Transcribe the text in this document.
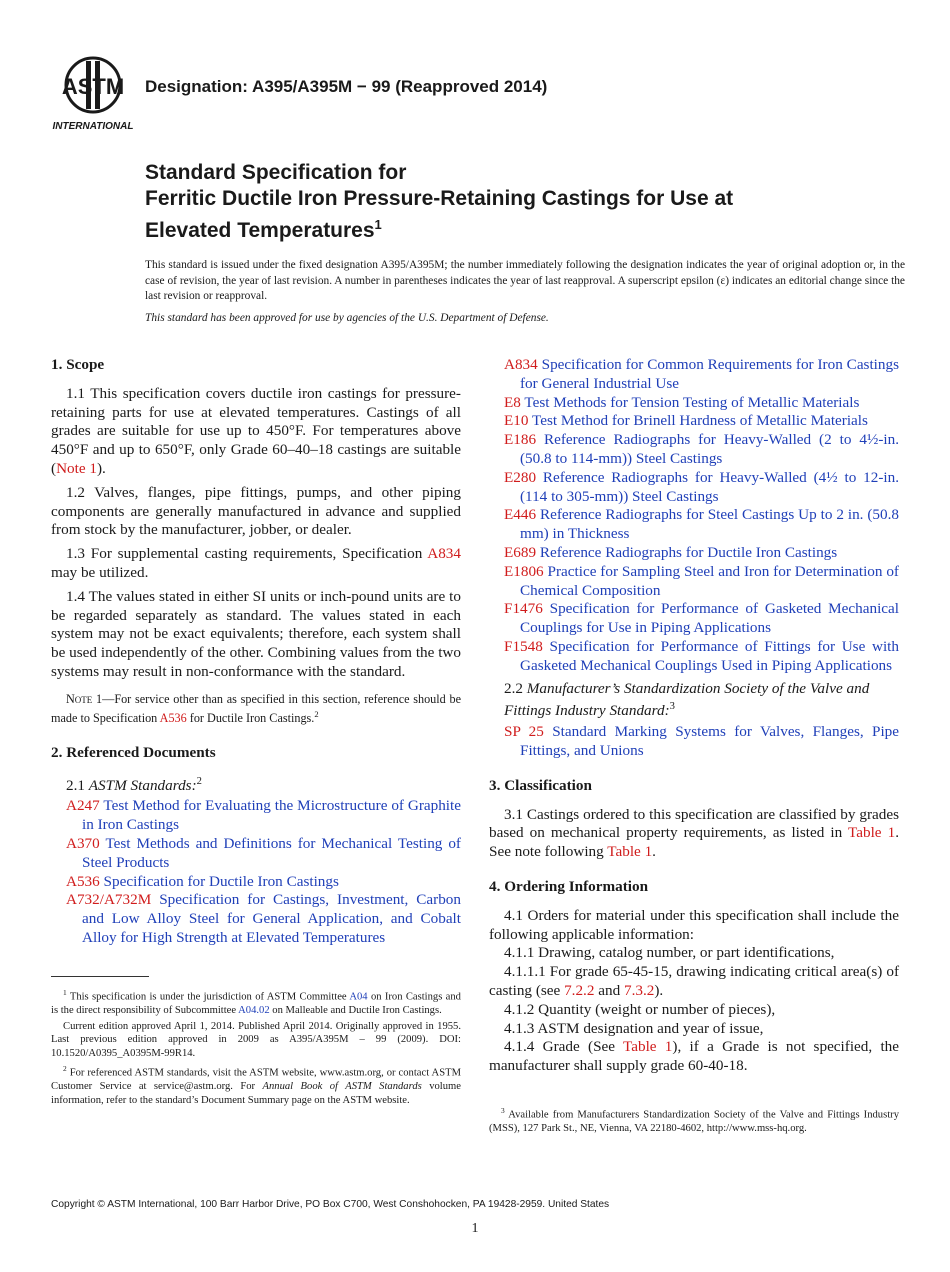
ASTM
INTERNATIONAL
Designation: A395/A395M − 99 (Reapproved 2014)
Standard Specification for
Ferritic Ductile Iron Pressure-Retaining Castings for Use at
Elevated Temperatures$^1$
This standard is issued under the fixed designation A395/A395M; the number immediately following the designation indicates the year of original adoption or, in the case of revision, the year of last revision. A number in parentheses indicates the year of last reapproval. A superscript epsilon (ε) indicates an editorial change since the last revision or reapproval.
This standard has been approved for use by agencies of the U.S. Department of Defense.
1. Scope

1.1 This specification covers ductile iron castings for pressure-retaining parts for use at elevated temperatures. Castings of all grades are suitable for use up to 450°F. For temperatures above 450°F and up to 650°F, only Grade 60–40–18 castings are suitable (Note 1).

1.2 Valves, flanges, pipe fittings, pumps, and other piping components are generally manufactured in advance and supplied from stock by the manufacturer, jobber, or dealer.

1.3 For supplemental casting requirements, Specification A834 may be utilized.

1.4 The values stated in either SI units or inch-pound units are to be regarded separately as standard. The values stated in each system may not be exact equivalents; therefore, each system shall be used independently of the other. Combining values from the two systems may result in non-conformance with the standard.

Note 1—For service other than as specified in this section, reference should be made to Specification A536 for Ductile Iron Castings.$^2$

2. Referenced Documents

2.1 ASTM Standards:$^2$

A247 Test Method for Evaluating the Microstructure of Graphite in Iron Castings

A370 Test Methods and Definitions for Mechanical Testing of Steel Products

A536 Specification for Ductile Iron Castings

A732/A732M Specification for Castings, Investment, Carbon and Low Alloy Steel for General Application, and Cobalt Alloy for High Strength at Elevated Temperatures

A834 Specification for Common Requirements for Iron Castings for General Industrial Use

E8 Test Methods for Tension Testing of Metallic Materials

E10 Test Method for Brinell Hardness of Metallic Materials

E186 Reference Radiographs for Heavy-Walled (2 to 4½-in. (50.8 to 114-mm)) Steel Castings

E280 Reference Radiographs for Heavy-Walled (4½ to 12-in. (114 to 305-mm)) Steel Castings

E446 Reference Radiographs for Steel Castings Up to 2 in. (50.8 mm) in Thickness

E689 Reference Radiographs for Ductile Iron Castings

E1806 Practice for Sampling Steel and Iron for Determination of Chemical Composition

F1476 Specification for Performance of Gasketed Mechanical Couplings for Use in Piping Applications

F1548 Specification for Performance of Fittings for Use with Gasketed Mechanical Couplings Used in Piping Applications

2.2 Manufacturer’s Standardization Society of the Valve and Fittings Industry Standard:$^3$

SP 25 Standard Marking Systems for Valves, Flanges, Pipe Fittings, and Unions

3. Classification

3.1 Castings ordered to this specification are classified by grades based on mechanical property requirements, as listed in Table 1. See note following Table 1.

4. Ordering Information

4.1 Orders for material under this specification shall include the following applicable information:

4.1.1 Drawing, catalog number, or part identifications,

4.1.1.1 For grade 65-45-15, drawing indicating critical area(s) of casting (see 7.2.2 and 7.3.2).

4.1.2 Quantity (weight or number of pieces),

4.1.3 ASTM designation and year of issue,

4.1.4 Grade (See Table 1), if a Grade is not specified, the manufacturer shall supply grade 60-40-18.

$^1$ This specification is under the jurisdiction of ASTM Committee A04 on Iron Castings and is the direct responsibility of Subcommittee A04.02 on Malleable and Ductile Iron Castings.

Current edition approved April 1, 2014. Published April 2014. Originally approved in 1955. Last previous edition approved in 2009 as A395/A395M – 99 (2009). DOI: 10.1520/A0395_A0395M-99R14.

$^2$ For referenced ASTM standards, visit the ASTM website, www.astm.org, or contact ASTM Customer Service at service@astm.org. For Annual Book of ASTM Standards volume information, refer to the standard’s Document Summary page on the ASTM website.

$^3$ Available from Manufacturers Standardization Society of the Valve and Fittings Industry (MSS), 127 Park St., NE, Vienna, VA 22180-4602, http://www.mss-hq.org.

Copyright © ASTM International, 100 Barr Harbor Drive, PO Box C700, West Conshohocken, PA 19428-2959. United States
1
